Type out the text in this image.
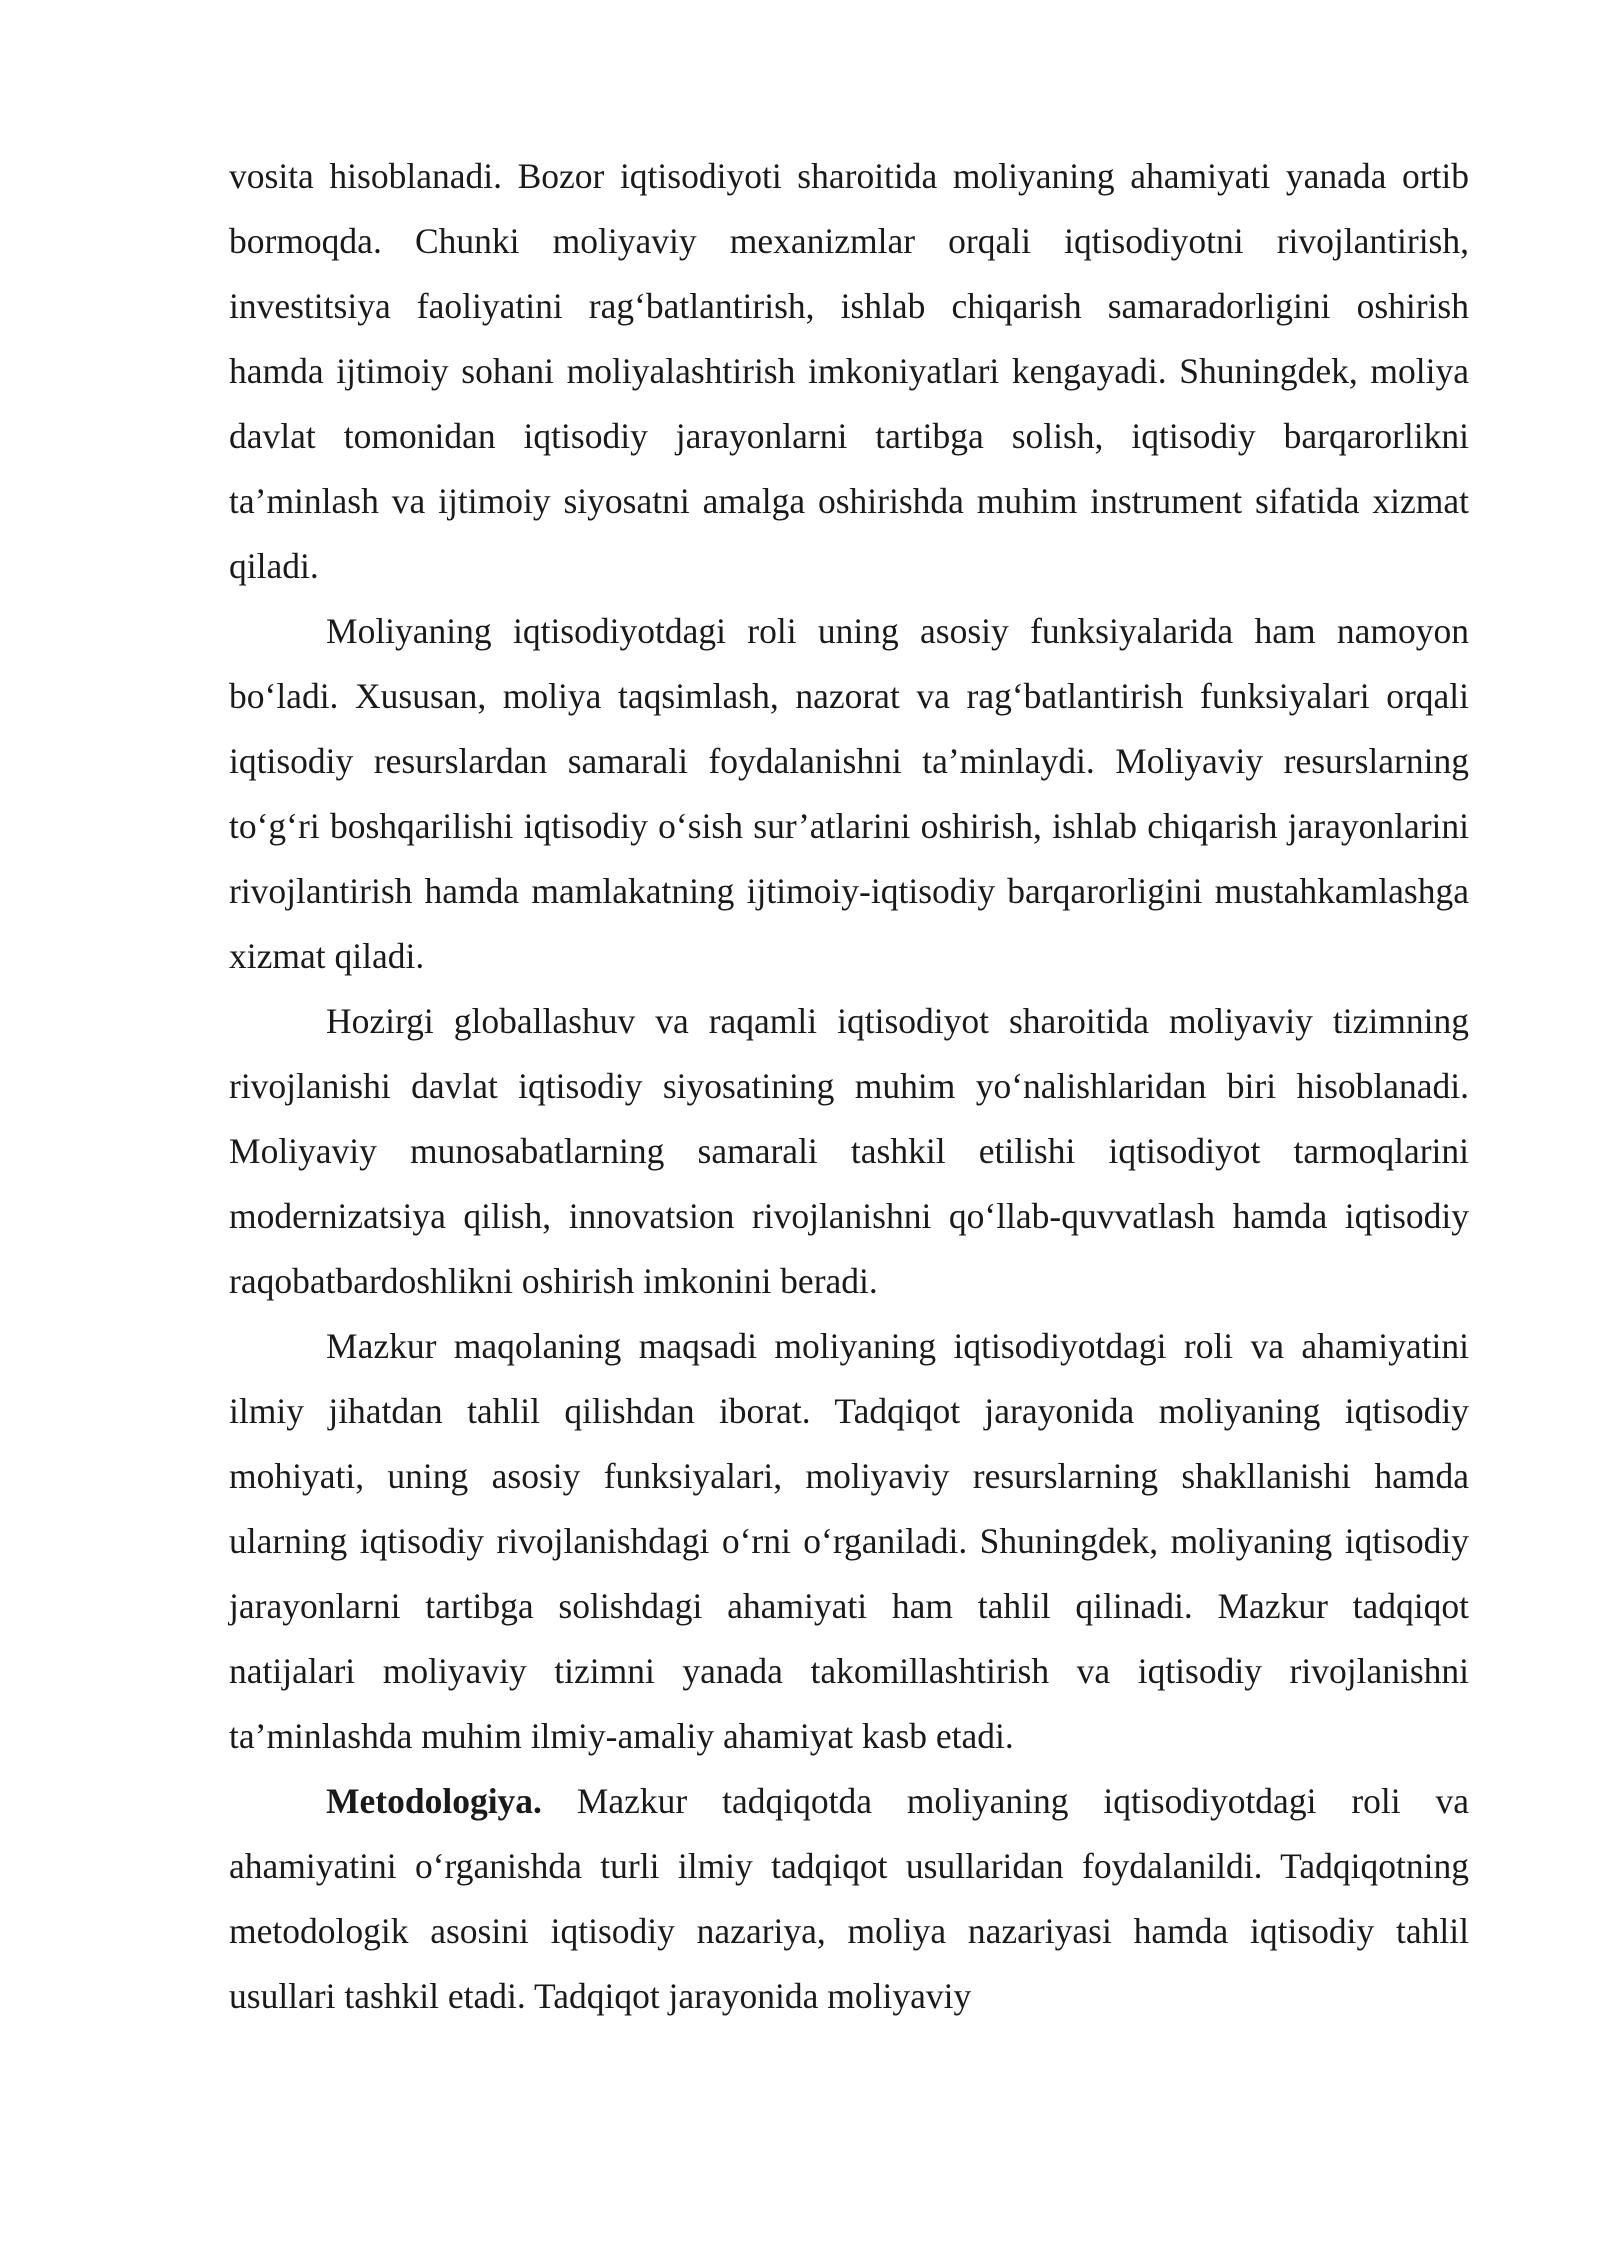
vosita hisoblanadi. Bozor iqtisodiyoti sharoitida moliyaning ahamiyati yanada ortib bormoqda. Chunki moliyaviy mexanizmlar orqali iqtisodiyotni rivojlantirish, investitsiya faoliyatini rag‘batlantirish, ishlab chiqarish samaradorligini oshirish hamda ijtimoiy sohani moliyalashtirish imkoniyatlari kengayadi. Shuningdek, moliya davlat tomonidan iqtisodiy jarayonlarni tartibga solish, iqtisodiy barqarorlikni ta’minlash va ijtimoiy siyosatni amalga oshirishda muhim instrument sifatida xizmat qiladi.

Moliyaning iqtisodiyotdagi roli uning asosiy funksiyalarida ham namoyon bo‘ladi. Xususan, moliya taqsimlash, nazorat va rag‘batlantirish funksiyalari orqali iqtisodiy resurslardan samarali foydalanishni ta’minlaydi. Moliyaviy resurslarning to‘g‘ri boshqarilishi iqtisodiy o‘sish sur’atlarini oshirish, ishlab chiqarish jarayonlarini rivojlantirish hamda mamlakatning ijtimoiy-iqtisodiy barqarorligini mustahkamlashga xizmat qiladi.

Hozirgi globallashuv va raqamli iqtisodiyot sharoitida moliyaviy tizimning rivojlanishi davlat iqtisodiy siyosatining muhim yo‘nalishlaridan biri hisoblanadi. Moliyaviy munosabatlarning samarali tashkil etilishi iqtisodiyot tarmoqlarini modernizatsiya qilish, innovatsion rivojlanishni qo‘llab-quvvatlash hamda iqtisodiy raqobatbardoshlikni oshirish imkonini beradi.

Mazkur maqolaning maqsadi moliyaning iqtisodiyotdagi roli va ahamiyatini ilmiy jihatdan tahlil qilishdan iborat. Tadqiqot jarayonida moliyaning iqtisodiy mohiyati, uning asosiy funksiyalari, moliyaviy resurslarning shakllanishi hamda ularning iqtisodiy rivojlanishdagi o‘rni o‘rganiladi. Shuningdek, moliyaning iqtisodiy jarayonlarni tartibga solishdagi ahamiyati ham tahlil qilinadi. Mazkur tadqiqot natijalari moliyaviy tizimni yanada takomillashtirish va iqtisodiy rivojlanishni ta’minlashda muhim ilmiy-amaliy ahamiyat kasb etadi.

Metodologiya. Mazkur tadqiqotda moliyaning iqtisodiyotdagi roli va ahamiyatini o‘rganishda turli ilmiy tadqiqot usullaridan foydalanildi. Tadqiqotning metodologik asosini iqtisodiy nazariya, moliya nazariyasi hamda iqtisodiy tahlil usullari tashkil etadi. Tadqiqot jarayonida moliyaviy
